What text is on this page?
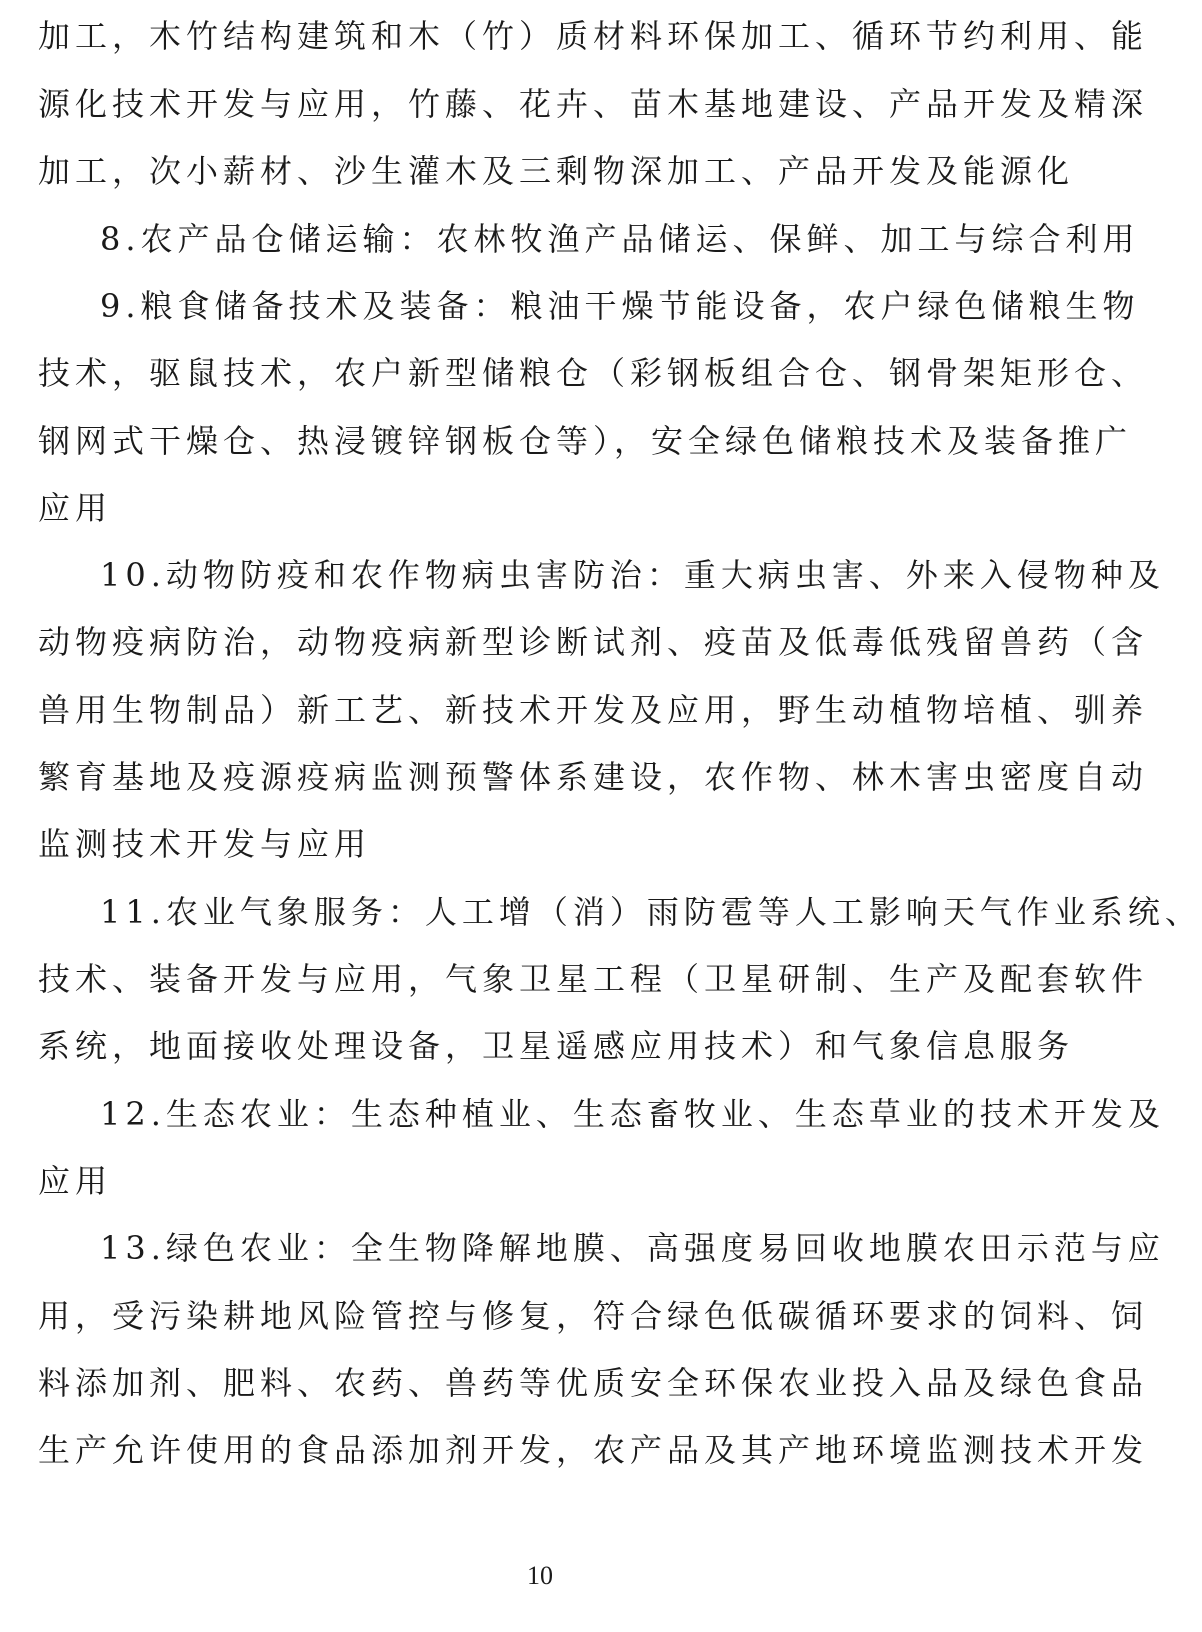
加工，木竹结构建筑和木（竹）质材料环保加工、循环节约利用、能
源化技术开发与应用，竹藤、花卉、苗木基地建设、产品开发及精深
加工，次小薪材、沙生灌木及三剩物深加工、产品开发及能源化
8.农产品仓储运输：农林牧渔产品储运、保鲜、加工与综合利用
9.粮食储备技术及装备：粮油干燥节能设备，农户绿色储粮生物
技术，驱鼠技术，农户新型储粮仓（彩钢板组合仓、钢骨架矩形仓、
钢网式干燥仓、热浸镀锌钢板仓等），安全绿色储粮技术及装备推广
应用
10.动物防疫和农作物病虫害防治：重大病虫害、外来入侵物种及
动物疫病防治，动物疫病新型诊断试剂、疫苗及低毒低残留兽药（含
兽用生物制品）新工艺、新技术开发及应用，野生动植物培植、驯养
繁育基地及疫源疫病监测预警体系建设，农作物、林木害虫密度自动
监测技术开发与应用
11.农业气象服务：人工增（消）雨防雹等人工影响天气作业系统、
技术、装备开发与应用，气象卫星工程（卫星研制、生产及配套软件
系统，地面接收处理设备，卫星遥感应用技术）和气象信息服务
12.生态农业：生态种植业、生态畜牧业、生态草业的技术开发及
应用
13.绿色农业：全生物降解地膜、高强度易回收地膜农田示范与应
用，受污染耕地风险管控与修复，符合绿色低碳循环要求的饲料、饲
料添加剂、肥料、农药、兽药等优质安全环保农业投入品及绿色食品
生产允许使用的食品添加剂开发，农产品及其产地环境监测技术开发
10
